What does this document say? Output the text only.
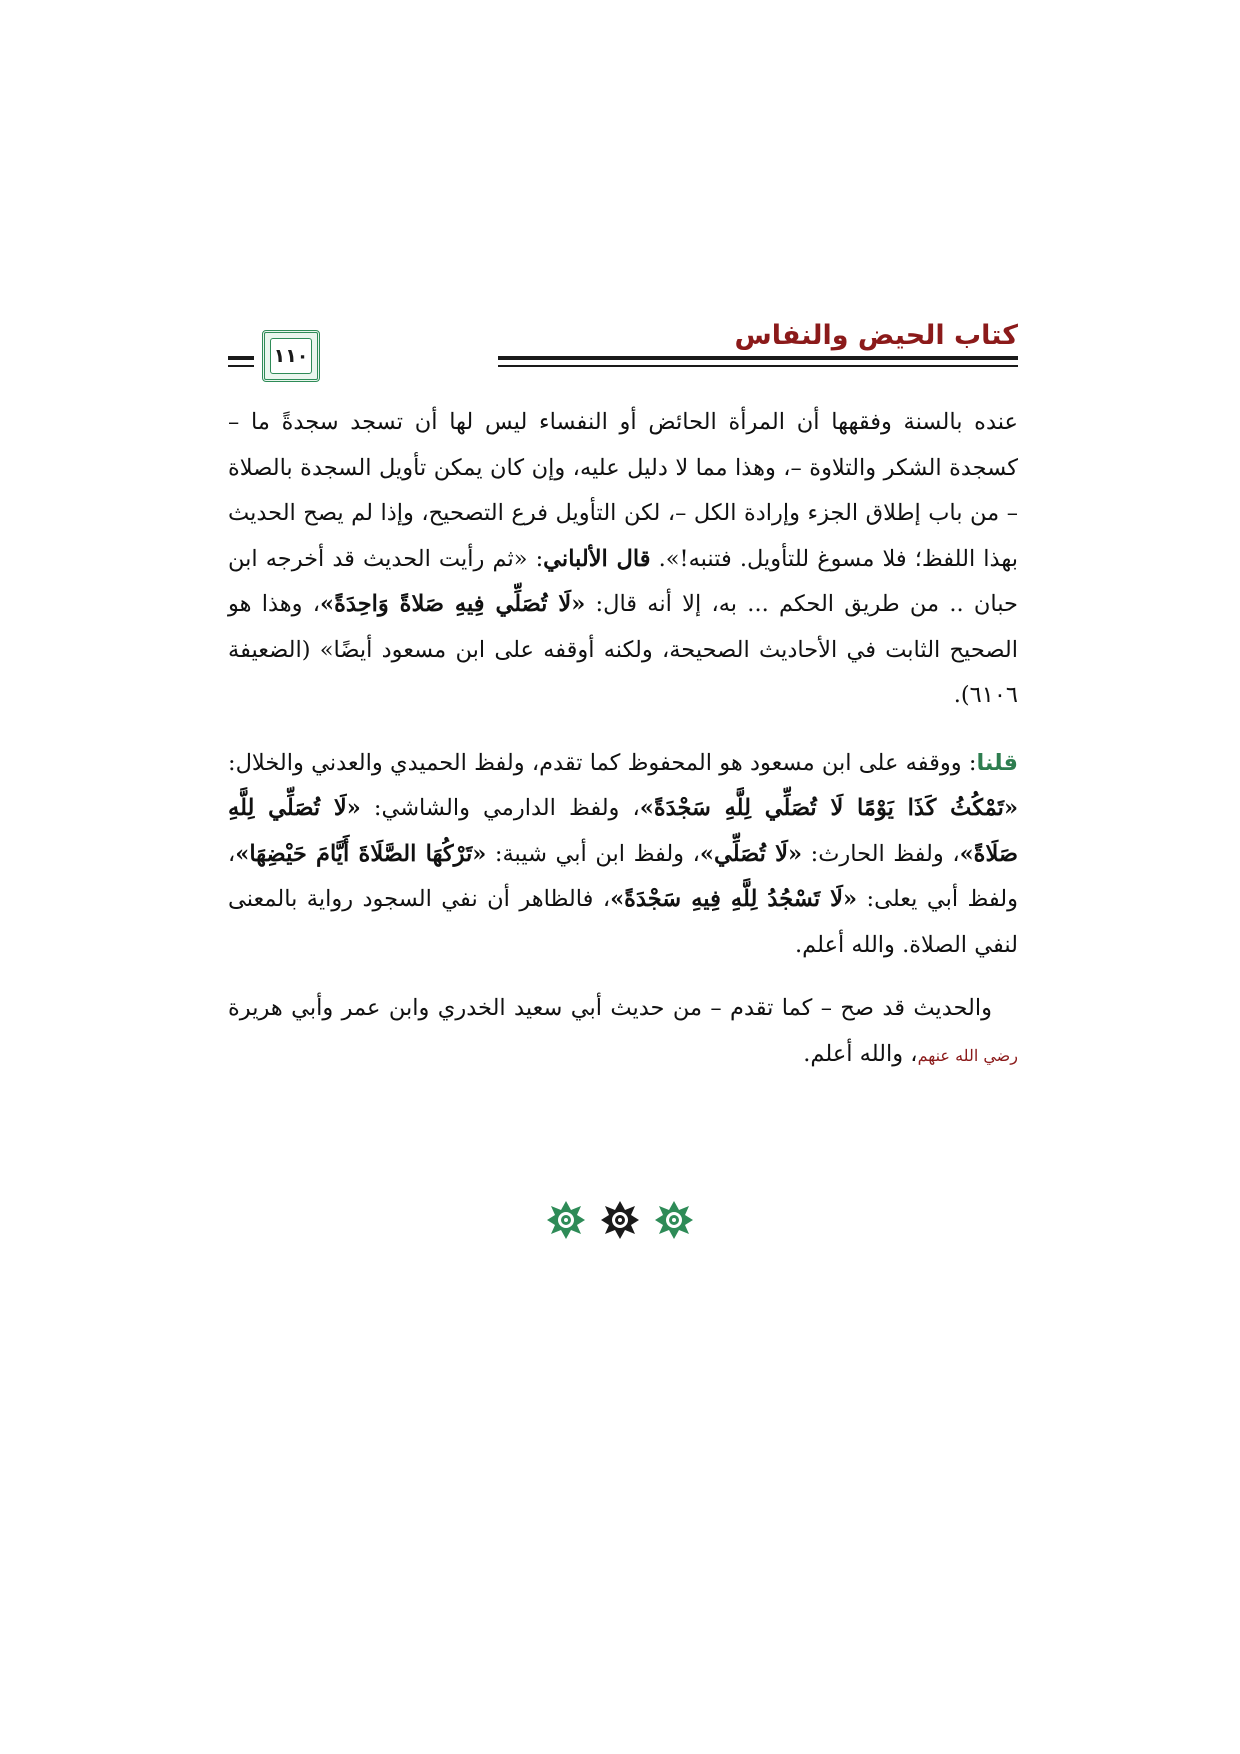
كتاب الحيض والنفاس
١١٠

عنده بالسنة وفقهها أن المرأة الحائض أو النفساء ليس لها أن تسجد سجدةً ما – كسجدة الشكر والتلاوة –، وهذا مما لا دليل عليه، وإن كان يمكن تأويل السجدة بالصلاة – من باب إطلاق الجزء وإرادة الكل –، لكن التأويل فرع التصحيح، وإذا لم يصح الحديث بهذا اللفظ؛ فلا مسوغ للتأويل. فتنبه!». قال الألباني: «ثم رأيت الحديث قد أخرجه ابن حبان .. من طريق الحكم ... به، إلا أنه قال: «لَا تُصَلِّي فِيهِ صَلاةً وَاحِدَةً»، وهذا هو الصحيح الثابت في الأحاديث الصحيحة، ولكنه أوقفه على ابن مسعود أيضًا» (الضعيفة ٦١٠٦).

قلنا: ووقفه على ابن مسعود هو المحفوظ كما تقدم، ولفظ الحميدي والعدني والخلال: «تَمْكُثُ كَذَا يَوْمًا لَا تُصَلِّي لِلَّهِ سَجْدَةً»، ولفظ الدارمي والشاشي: «لَا تُصَلِّي لِلَّهِ صَلَاةً»، ولفظ الحارث: «لَا تُصَلِّي»، ولفظ ابن أبي شيبة: «تَرْكُهَا الصَّلَاةَ أَيَّامَ حَيْضِهَا»، ولفظ أبي يعلى: «لَا تَسْجُدُ لِلَّهِ فِيهِ سَجْدَةً»، فالظاهر أن نفي السجود رواية بالمعنى لنفي الصلاة. والله أعلم.

والحديث قد صح – كما تقدم – من حديث أبي سعيد الخدري وابن عمر وأبي هريرة رضي الله عنهم، والله أعلم.
